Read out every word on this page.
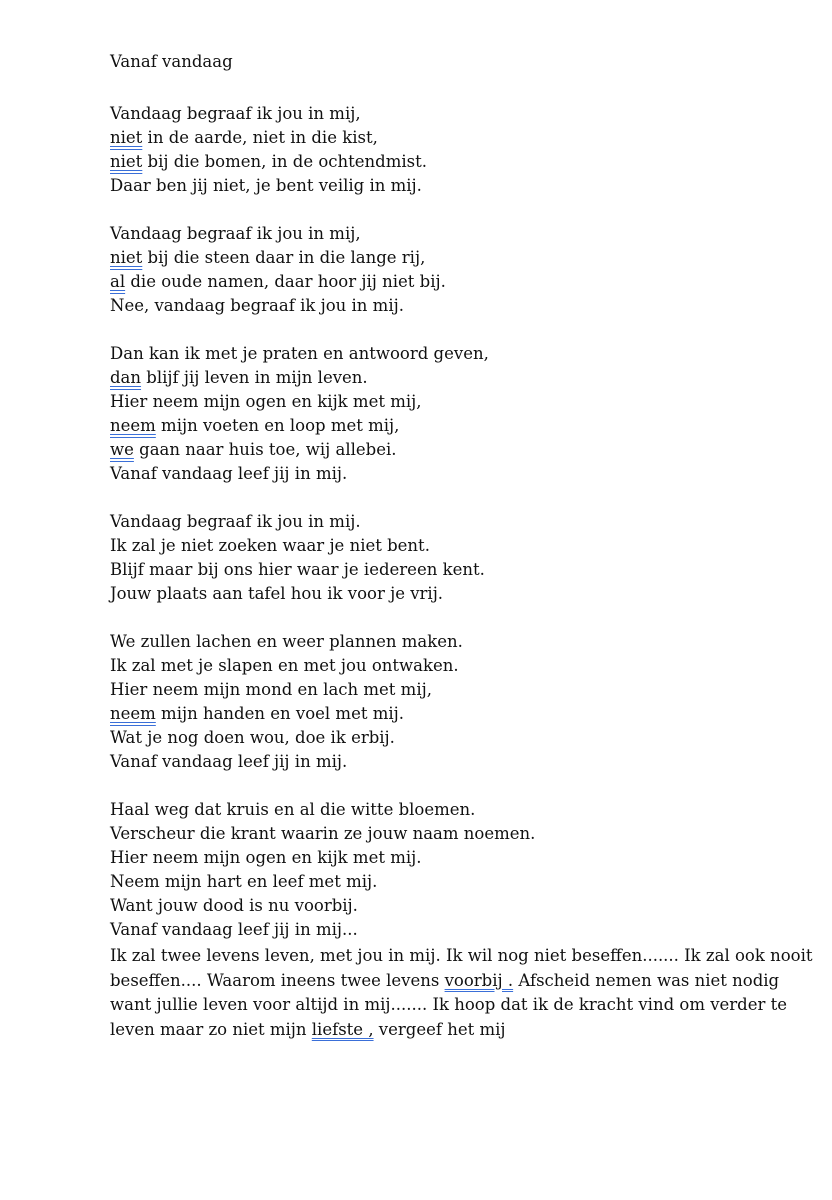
Vanaf vandaag
Vandaag begraaf ik jou in mij,
niet in de aarde, niet in die kist,
niet bij die bomen, in de ochtendmist.
Daar ben jij niet, je bent veilig in mij.
Vandaag begraaf ik jou in mij,
niet bij die steen daar in die lange rij,
al die oude namen, daar hoor jij niet bij.
Nee, vandaag begraaf ik jou in mij.
Dan kan ik met je praten en antwoord geven,
dan blijf jij leven in mijn leven.
Hier neem mijn ogen en kijk met mij,
neem mijn voeten en loop met mij,
we gaan naar huis toe, wij allebei.
Vanaf vandaag leef jij in mij.
Vandaag begraaf ik jou in mij.
Ik zal je niet zoeken waar je niet bent.
Blijf maar bij ons hier waar je iedereen kent.
Jouw plaats aan tafel hou ik voor je vrij.
We zullen lachen en weer plannen maken.
Ik zal met je slapen en met jou ontwaken.
Hier neem mijn mond en lach met mij,
neem mijn handen en voel met mij.
Wat je nog doen wou, doe ik erbij.
Vanaf vandaag leef jij in mij.
Haal weg dat kruis en al die witte bloemen.
Verscheur die krant waarin ze jouw naam noemen.
Hier neem mijn ogen en kijk met mij.
Neem mijn hart en leef met mij.
Want jouw dood is nu voorbij.
Vanaf vandaag leef jij in mij...
Ik zal twee levens leven, met jou in mij. Ik wil nog niet beseffen....... Ik zal ook nooit beseffen.... Waarom ineens twee levens voorbij . Afscheid nemen was niet nodig want jullie leven voor altijd in mij....... Ik hoop dat ik de kracht vind om verder te leven maar zo niet mijn liefste , vergeef het mij
